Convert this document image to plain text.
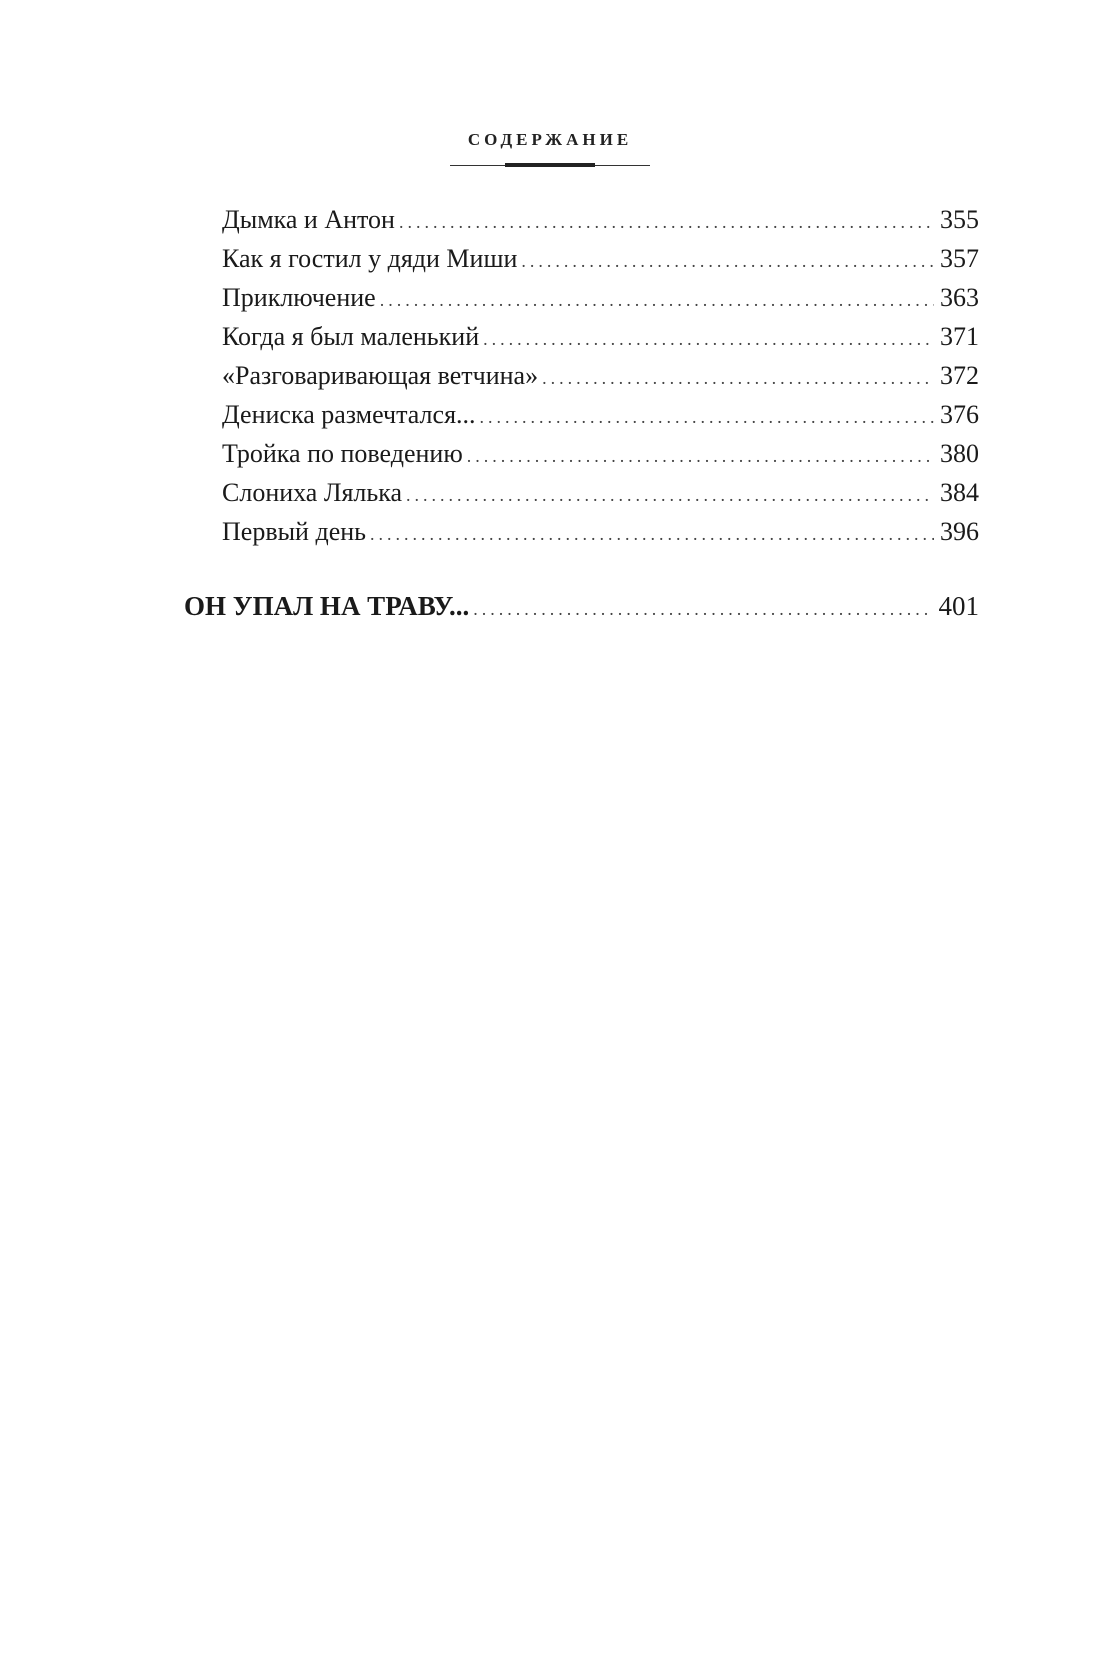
СОДЕРЖАНИЕ
Дымка и Антон .....	355
Как я гостил у дяди Миши .....	357
Приключение .....	363
Когда я был маленький .....	371
«Разговаривающая ветчина» .....	372
Дениска размечтался... .....	376
Тройка по поведению .....	380
Слониха Лялька .....	384
Первый день .....	396
ОН УПАЛ НА ТРАВУ... .....	401
